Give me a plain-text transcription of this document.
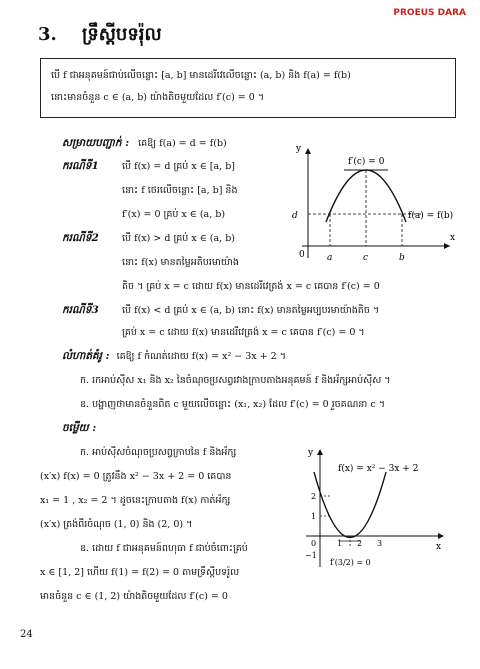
PROEUS DARA
3. ទ្រឹស្តីបទរ៉ុល
បើ f ជាអនុគមន៍ជាប់លើចន្លោះ [a, b] មានដេរីវេលើចន្លោះ (a, b) និង f(a) = f(b)
នោះមានចំនួន c ∈ (a, b) យ៉ាងតិចមួយដែល f′(c) = 0 ។
សម្រាយបញ្ជាក់ : គេឱ្យ f(a) = d = f(b)
ករណីទី1 បើ f(x) = d គ្រប់ x ∈ [a, b]
នោះ f ថេរលើចន្លោះ [a, b] និង
f′(x) = 0 គ្រប់ x ∈ (a, b)
ករណីទី2 បើ f(x) > d គ្រប់ x ∈ (a, b)
នោះ f(x) មានតម្លៃអតិបរមាយ៉ាង
តិច ។ គ្រប់ x = c ដោយ f(x) មានដេរីវេត្រង់ x = c គេបាន f′(c) = 0
ករណីទី3 បើ f(x) < d គ្រប់ x ∈ (a, b) នោះ f(x) មានតម្លៃអប្បបរមាយ៉ាងតិច ។
គ្រប់ x = c ដោយ f(x) មានដេរីវេត្រង់ x = c គេបាន f′(c) = 0 ។
y
x
0
d
a	c	b
f′(c) = 0
f(a) = f(b)
លំហាត់គំរូ : គេឱ្យ f កំណត់ដោយ f(x) = x² − 3x + 2 ។
ក. រកអាប់ស៊ីស x₁ និង x₂ នៃចំណុចប្រសព្វរវាងក្រាបតាងអនុគមន៍ f និងអ័ក្សអាប់ស៊ីស ។
ខ. បង្ហាញថាមានចំនួនពិត c មួយលើចន្លោះ (x₁, x₂) ដែល f′(c) = 0 រួចគណនា c ។
ចម្លើយ :
ក. អាប់ស៊ីសចំណុចប្រសព្វក្រាបនៃ f និងអ័ក្ស
(x′x) f(x) = 0 ត្រូវនឹង x² − 3x + 2 = 0 គេបាន
x₁ = 1 , x₂ = 2 ។ ដូចនេះក្រាបតាង f(x) កាត់អ័ក្ស
(x′x) ត្រង់ពីរចំណុច (1, 0) និង (2, 0) ។
ខ. ដោយ f ជាអនុគមន៍ពហុធា f ជាប់ចំពោះគ្រប់
x ∈ [1, 2] ហើយ f(1) = f(2) = 0 តាមទ្រឹស្តីបទរ៉ូល
មានចំនួន c ∈ (1, 2) យ៉ាងតិចមួយដែល f′(c) = 0
y
x
0	1 2 3
2
1
−1
f(x) = x² − 3x + 2
f′(3/2) = 0
24
